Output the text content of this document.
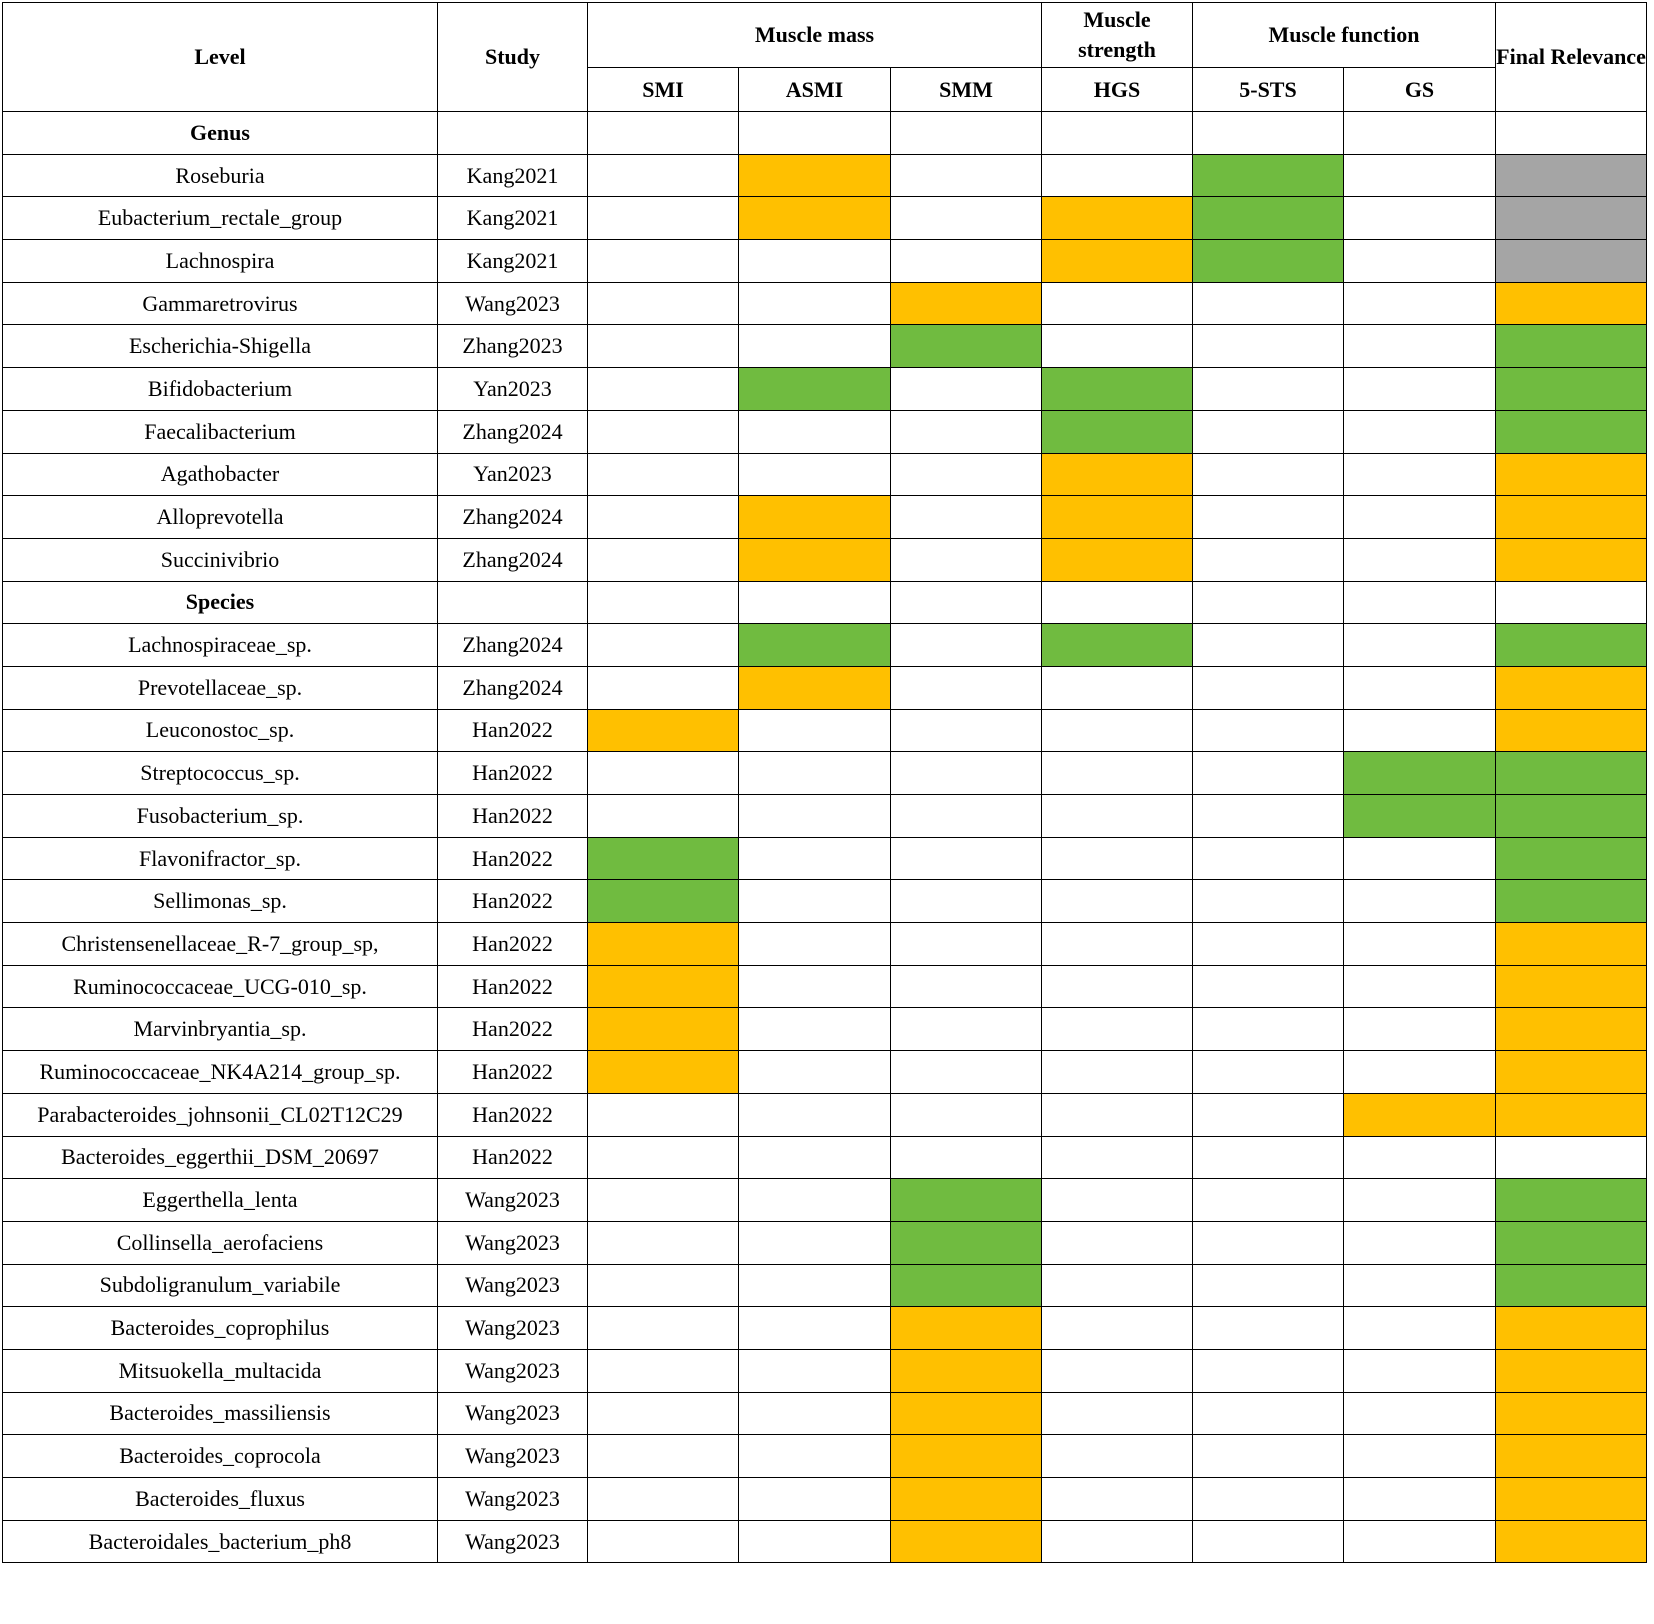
Level	Study	Muscle mass			Muscle strength	Muscle function		Final Relevance
		SMI	ASMI	SMM	HGS	5-STS	GS	
Genus								
Roseburia	Kang2021							
Eubacterium_rectale_group	Kang2021							
Lachnospira	Kang2021							
Gammaretrovirus	Wang2023							
Escherichia-Shigella	Zhang2023							
Bifidobacterium	Yan2023							
Faecalibacterium	Zhang2024							
Agathobacter	Yan2023							
Alloprevotella	Zhang2024							
Succinivibrio	Zhang2024							
Species								
Lachnospiraceae_sp.	Zhang2024							
Prevotellaceae_sp.	Zhang2024							
Leuconostoc_sp.	Han2022							
Streptococcus_sp.	Han2022							
Fusobacterium_sp.	Han2022							
Flavonifractor_sp.	Han2022							
Sellimonas_sp.	Han2022							
Christensenellaceae_R-7_group_sp,	Han2022							
Ruminococcaceae_UCG-010_sp.	Han2022							
Marvinbryantia_sp.	Han2022							
Ruminococcaceae_NK4A214_group_sp.	Han2022							
Parabacteroides_johnsonii_CL02T12C29	Han2022							
Bacteroides_eggerthii_DSM_20697	Han2022							
Eggerthella_lenta	Wang2023							
Collinsella_aerofaciens	Wang2023							
Subdoligranulum_variabile	Wang2023							
Bacteroides_coprophilus	Wang2023							
Mitsuokella_multacida	Wang2023							
Bacteroides_massiliensis	Wang2023							
Bacteroides_coprocola	Wang2023							
Bacteroides_fluxus	Wang2023							
Bacteroidales_bacterium_ph8	Wang2023							
